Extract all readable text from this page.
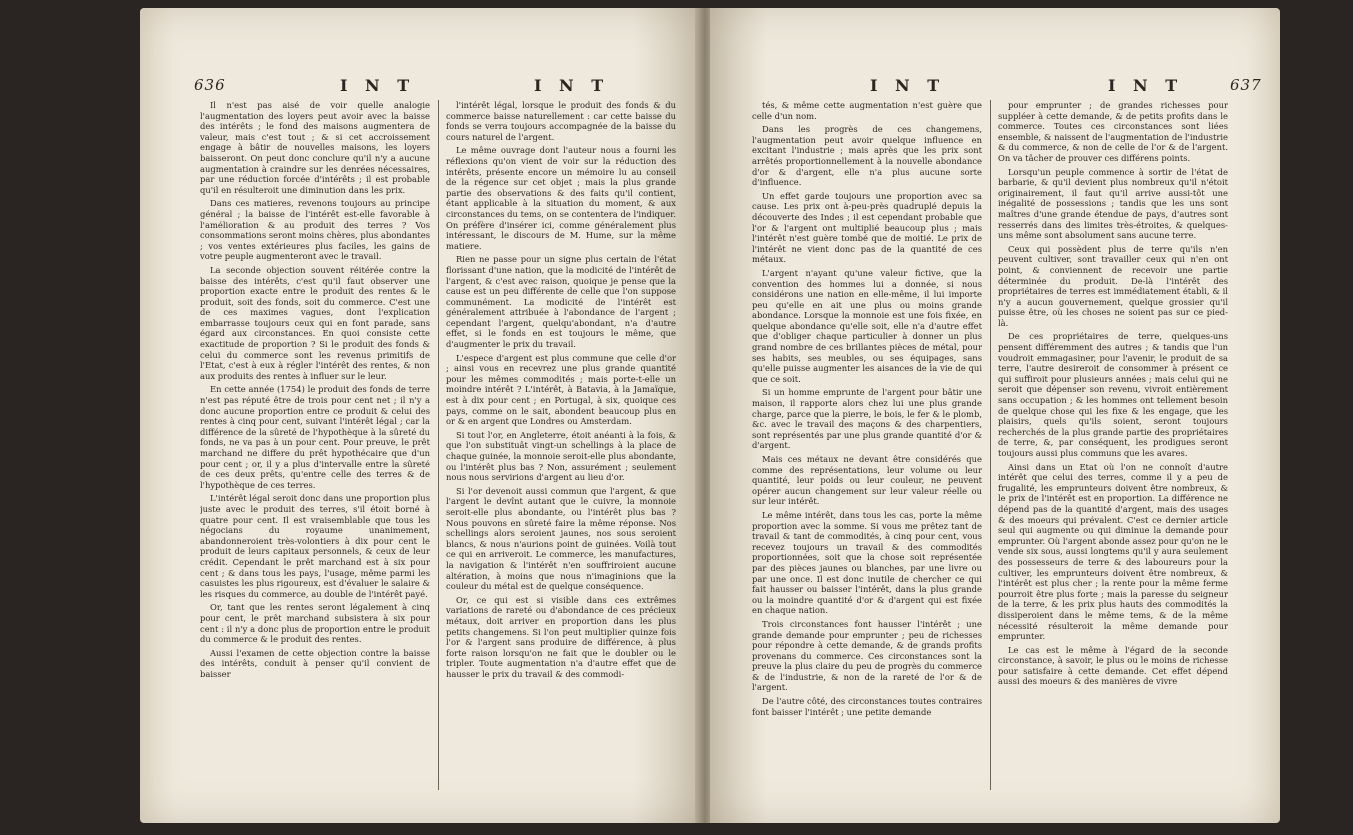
636	I N T	I N T

Il n'est pas aisé de voir quelle analogie l'augmentation des loyers peut avoir avec la baisse des intérêts ; le fond des maisons augmentera de valeur, mais c'est tout ; & si cet accroissement engage à bâtir de nouvelles maisons, les loyers baisseront. On peut donc conclure qu'il n'y a aucune augmentation à craindre sur les denrées nécessaires, par une réduction forcée d'intérêts ; il est probable qu'il en résulteroit une diminution dans les prix.

Dans ces matieres, revenons toujours au principe général ; la baisse de l'intérêt est-elle favorable à l'amélioration & au produit des terres ? Vos consommations seront moins chères, plus abondantes ; vos ventes extérieures plus faciles, les gains de votre peuple augmenteront avec le travail.

La seconde objection souvent réitérée contre la baisse des intérêts, c'est qu'il faut observer une proportion exacte entre le produit des rentes & le produit, soit des fonds, soit du commerce. C'est une de ces maximes vagues, dont l'explication embarrasse toujours ceux qui en font parade, sans égard aux circonstances. En quoi consiste cette exactitude de proportion ? Si le produit des fonds & celui du commerce sont les revenus primitifs de l'Etat, c'est à eux à régler l'intérêt des rentes, & non aux produits des rentes à influer sur le leur.

En cette année (1754) le produit des fonds de terre n'est pas réputé être de trois pour cent net ; il n'y a donc aucune proportion entre ce produit & celui des rentes à cinq pour cent, suivant l'intérêt légal ; car la différence de la sûreté de l'hypothèque à la sûreté du fonds, ne va pas à un pour cent. Pour preuve, le prêt marchand ne differe du prêt hypothécaire que d'un pour cent ; or, il y a plus d'intervalle entre la sûreté de ces deux prêts, qu'entre celle des terres & de l'hypothèque de ces terres.

L'intérêt légal seroit donc dans une proportion plus juste avec le produit des terres, s'il étoit borné à quatre pour cent. Il est vraisemblable que tous les négocians du royaume unanimement, abandonneroient très-volontiers à dix pour cent le produit de leurs capitaux personnels, & ceux de leur crédit. Cependant le prêt marchand est à six pour cent ; & dans tous les pays, l'usage, même parmi les casuistes les plus rigoureux, est d'évaluer le salaire & les risques du commerce, au double de l'intérêt payé.

Or, tant que les rentes seront légalement à cinq pour cent, le prêt marchand subsistera à six pour cent : il n'y a donc plus de proportion entre le produit du commerce & le produit des rentes.

Aussi l'examen de cette objection contre la baisse des intérêts, conduit à penser qu'il convient de baisser

l'intérêt légal, lorsque le produit des fonds & du commerce baisse naturellement : car cette baisse du fonds se verra toujours accompagnée de la baisse du cours naturel de l'argent.

Le même ouvrage dont l'auteur nous a fourni les réflexions qu'on vient de voir sur la réduction des intérêts, présente encore un mémoire lu au conseil de la régence sur cet objet ; mais la plus grande partie des observations & des faits qu'il contient, étant applicable à la situation du moment, & aux circonstances du tems, on se contentera de l'indiquer. On préfère d'insérer ici, comme généralement plus intéressant, le discours de M. Hume, sur la même matiere.

Rien ne passe pour un signe plus certain de l'état florissant d'une nation, que la modicité de l'intérêt de l'argent, & c'est avec raison, quoique je pense que la cause est un peu différente de celle que l'on suppose communément. La modicité de l'intérêt est généralement attribuée à l'abondance de l'argent ; cependant l'argent, quelqu'abondant, n'a d'autre effet, si le fonds en est toujours le même, que d'augmenter le prix du travail.

L'espece d'argent est plus commune que celle d'or ; ainsi vous en recevrez une plus grande quantité pour les mêmes commodités ; mais porte-t-elle un moindre intérêt ? L'intérêt, à Batavia, à la Jamaïque, est à dix pour cent ; en Portugal, à six, quoique ces pays, comme on le sait, abondent beaucoup plus en or & en argent que Londres ou Amsterdam.

Si tout l'or, en Angleterre, étoit anéanti à la fois, & que l'on substituât vingt-un schellings à la place de chaque guinée, la monnoie seroit-elle plus abondante, ou l'intérêt plus bas ? Non, assurément ; seulement nous nous servirions d'argent au lieu d'or.

Si l'or devenoit aussi commun que l'argent, & que l'argent le devînt autant que le cuivre, la monnoie seroit-elle plus abondante, ou l'intérêt plus bas ? Nous pouvons en sûreté faire la même réponse. Nos schellings alors seroient jaunes, nos sous seroient blancs, & nous n'aurions point de guinées. Voilà tout ce qui en arriveroit. Le commerce, les manufactures, la navigation & l'intérêt n'en souffriroient aucune altération, à moins que nous n'imaginions que la couleur du métal est de quelque conséquence.

Or, ce qui est si visible dans ces extrêmes variations de rareté ou d'abondance de ces précieux métaux, doit arriver en proportion dans les plus petits changemens. Si l'on peut multiplier quinze fois l'or & l'argent sans produire de différence, à plus forte raison lorsqu'on ne fait que le doubler ou le tripler. Toute augmentation n'a d'autre effet que de hausser le prix du travail & des commodi-

I N T	I N T	637

tés, & même cette augmentation n'est guère que celle d'un nom.

Dans les progrès de ces changemens, l'augmentation peut avoir quelque influence en excitant l'industrie ; mais après que les prix sont arrêtés proportionnellement à la nouvelle abondance d'or & d'argent, elle n'a plus aucune sorte d'influence.

Un effet garde toujours une proportion avec sa cause. Les prix ont à-peu-près quadruplé depuis la découverte des Indes ; il est cependant probable que l'or & l'argent ont multiplié beaucoup plus ; mais l'intérêt n'est guère tombé que de moitié. Le prix de l'intérêt ne vient donc pas de la quantité de ces métaux.

L'argent n'ayant qu'une valeur fictive, que la convention des hommes lui a donnée, si nous considérons une nation en elle-même, il lui importe peu qu'elle en ait une plus ou moins grande abondance. Lorsque la monnoie est une fois fixée, en quelque abondance qu'elle soit, elle n'a d'autre effet que d'obliger chaque particulier à donner un plus grand nombre de ces brillantes pièces de métal, pour ses habits, ses meubles, ou ses équipages, sans qu'elle puisse augmenter les aisances de la vie de qui que ce soit.

Si un homme emprunte de l'argent pour bâtir une maison, il rapporte alors chez lui une plus grande charge, parce que la pierre, le bois, le fer & le plomb, &c. avec le travail des maçons & des charpentiers, sont représentés par une plus grande quantité d'or & d'argent.

Mais ces métaux ne devant être considérés que comme des représentations, leur volume ou leur quantité, leur poids ou leur couleur, ne peuvent opérer aucun changement sur leur valeur réelle ou sur leur intérêt.

Le même intérêt, dans tous les cas, porte la même proportion avec la somme. Si vous me prêtez tant de travail & tant de commodités, à cinq pour cent, vous recevez toujours un travail & des commodités proportionnées, soit que la chose soit représentée par des pièces jaunes ou blanches, par une livre ou par une once. Il est donc inutile de chercher ce qui fait hausser ou baisser l'intérêt, dans la plus grande ou la moindre quantité d'or & d'argent qui est fixée en chaque nation.

Trois circonstances font hausser l'intérêt ; une grande demande pour emprunter ; peu de richesses pour répondre à cette demande, & de grands profits provenans du commerce. Ces circonstances sont la preuve la plus claire du peu de progrès du commerce & de l'industrie, & non de la rareté de l'or & de l'argent.

De l'autre côté, des circonstances toutes contraires font baisser l'intérêt ; une petite demande

pour emprunter ; de grandes richesses pour suppléer à cette demande, & de petits profits dans le commerce. Toutes ces circonstances sont liées ensemble, & naissent de l'augmentation de l'industrie & du commerce, & non de celle de l'or & de l'argent. On va tâcher de prouver ces différens points.

Lorsqu'un peuple commence à sortir de l'état de barbarie, & qu'il devient plus nombreux qu'il n'étoit originairement, il faut qu'il arrive aussi-tôt une inégalité de possessions ; tandis que les uns sont maîtres d'une grande étendue de pays, d'autres sont resserrés dans des limites très-étroites, & quelques-uns même sont absolument sans aucune terre.

Ceux qui possèdent plus de terre qu'ils n'en peuvent cultiver, sont travailler ceux qui n'en ont point, & conviennent de recevoir une partie déterminée du produit. De-là l'intérêt des propriétaires de terres est immédiatement établi, & il n'y a aucun gouvernement, quelque grossier qu'il puisse être, où les choses ne soient pas sur ce pied-là.

De ces propriétaires de terre, quelques-uns pensent différemment des autres ; & tandis que l'un voudroit emmagasiner, pour l'avenir, le produit de sa terre, l'autre desireroit de consommer à présent ce qui suffiroit pour plusieurs années ; mais celui qui ne seroit que dépenser son revenu, vivroit entièrement sans occupation ; & les hommes ont tellement besoin de quelque chose qui les fixe & les engage, que les plaisirs, quels qu'ils soient, seront toujours recherchés de la plus grande partie des propriétaires de terre, &, par conséquent, les prodigues seront toujours aussi plus communs que les avares.

Ainsi dans un Etat où l'on ne connoît d'autre intérêt que celui des terres, comme il y a peu de frugalité, les emprunteurs doivent être nombreux, & le prix de l'intérêt est en proportion. La différence ne dépend pas de la quantité d'argent, mais des usages & des moeurs qui prévalent. C'est ce dernier article seul qui augmente ou qui diminue la demande pour emprunter. Où l'argent abonde assez pour qu'on ne le vende six sous, aussi longtems qu'il y aura seulement des possesseurs de terre & des laboureurs pour la cultiver, les emprunteurs doivent être nombreux, & l'intérêt est plus cher ; la rente pour la même ferme pourroit être plus forte ; mais la paresse du seigneur de la terre, & les prix plus hauts des commodités la dissiperoient dans le même tems, & de la même nécessité résulteroit la même demande pour emprunter.

Le cas est le même à l'égard de la seconde circonstance, à savoir, le plus ou le moins de richesse pour satisfaire à cette demande. Cet effet dépend aussi des moeurs & des manières de vivre
